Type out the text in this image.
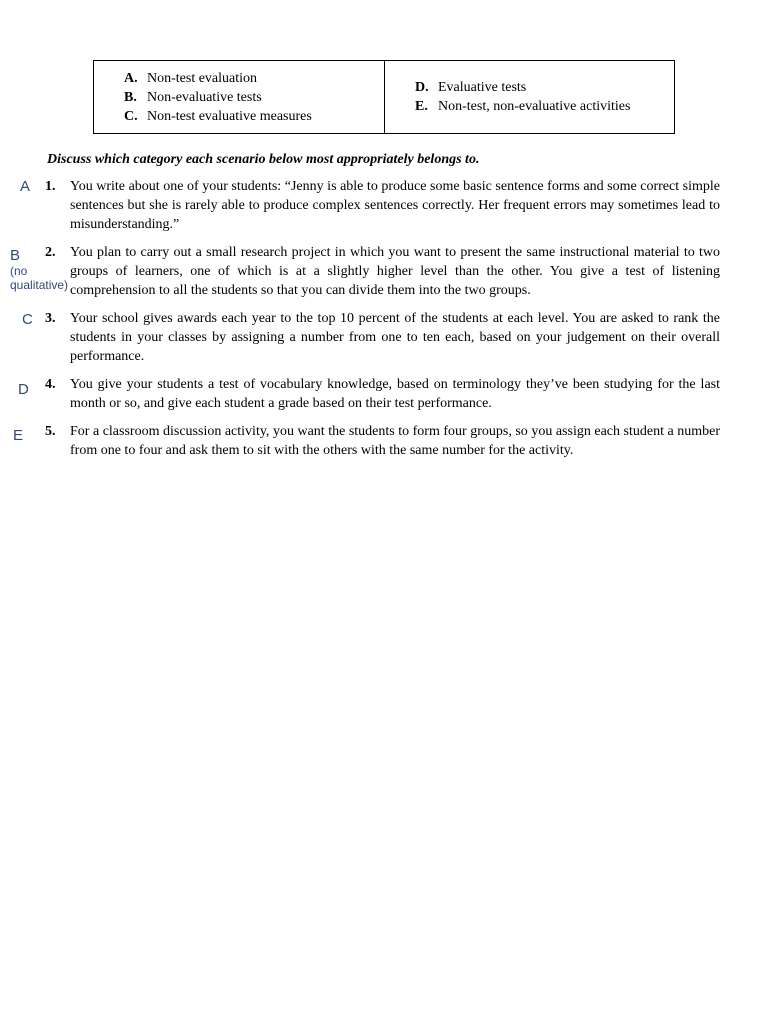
A. Non-test evaluation
B. Non-evaluative tests
C. Non-test evaluative measures
D. Evaluative tests
E. Non-test, non-evaluative activities
Discuss which category each scenario below most appropriately belongs to.
1.	You write about one of your students: “Jenny is able to produce some basic sentence forms and some correct simple sentences but she is rarely able to produce complex sentences correctly. Her frequent errors may sometimes lead to misunderstanding.”
2.	You plan to carry out a small research project in which you want to present the same instructional material to two groups of learners, one of which is at a slightly higher level than the other. You give a test of listening comprehension to all the students so that you can divide them into the two groups.
3.	Your school gives awards each year to the top 10 percent of the students at each level. You are asked to rank the students in your classes by assigning a number from one to ten each, based on your judgement on their overall performance.
4.	You give your students a test of vocabulary knowledge, based on terminology they’ve been studying for the last month or so, and give each student a grade based on their test performance.
5.	For a classroom discussion activity, you want the students to form four groups, so you assign each student a number from one to four and ask them to sit with the others with the same number for the activity.
A
B
(no
qualitative)
C
D
E
